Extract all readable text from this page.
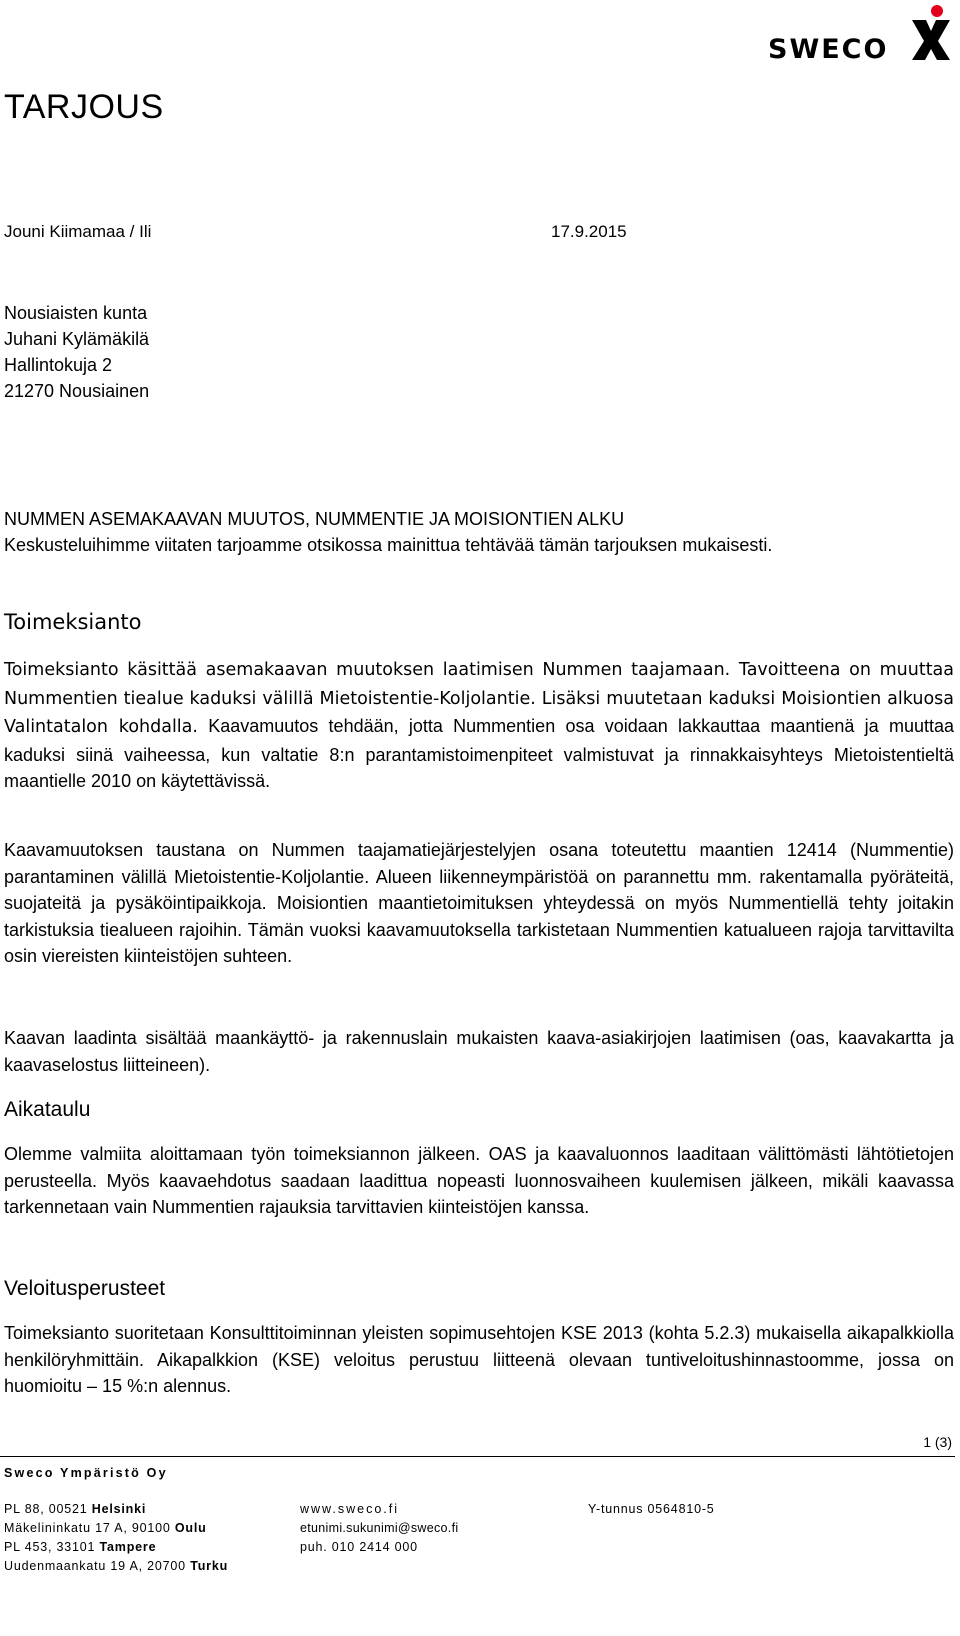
SWECO
TARJOUS
Jouni Kiimamaa / Ili	17.9.2015
Nousiaisten kunta
Juhani Kylämäkilä
Hallintokuja 2
21270 Nousiainen
NUMMEN ASEMAKAAVAN MUUTOS, NUMMENTIE JA MOISIONTIEN ALKU

Keskusteluihimme viitaten tarjoamme otsikossa mainittua tehtävää tämän tarjouksen mukaisesti.

Toimeksianto

Toimeksianto käsittää asemakaavan muutoksen laatimisen Nummen taajamaan. Tavoitteena on muuttaa Nummentien tiealue kaduksi välillä Mietoistentie-Koljolantie. Lisäksi muutetaan kaduksi Moisiontien alkuosa Valintatalon kohdalla. Kaavamuutos tehdään, jotta Nummentien osa voidaan lakkauttaa maantienä ja muuttaa kaduksi siinä vaiheessa, kun valtatie 8:n parantamistoimenpiteet valmistuvat ja rinnakkaisyhteys Mietoistentieltä maantielle 2010 on käytettävissä.

Kaavamuutoksen taustana on Nummen taajamatiejärjestelyjen osana toteutettu maantien 12414 (Nummentie) parantaminen välillä Mietoistentie-Koljolantie. Alueen liikenneympäristöä on parannettu mm. rakentamalla pyöräteitä, suojateitä ja pysäköintipaikkoja. Moisiontien maantietoimituksen yhteydessä on myös Nummentiellä tehty joitakin tarkistuksia tiealueen rajoihin. Tämän vuoksi kaavamuutoksella tarkistetaan Nummentien katualueen rajoja tarvittavilta osin viereisten kiinteistöjen suhteen.

Kaavan laadinta sisältää maankäyttö- ja rakennuslain mukaisten kaava-asiakirjojen laatimisen (oas, kaavakartta ja kaavaselostus liitteineen).

Aikataulu

Olemme valmiita aloittamaan työn toimeksiannon jälkeen. OAS ja kaavaluonnos laaditaan välittömästi lähtötietojen perusteella. Myös kaavaehdotus saadaan laadittua nopeasti luonnosvaiheen kuulemisen jälkeen, mikäli kaavassa tarkennetaan vain Nummentien rajauksia tarvittavien kiinteistöjen kanssa.

Veloitusperusteet

Toimeksianto suoritetaan Konsulttitoiminnan yleisten sopimusehtojen KSE 2013 (kohta 5.2.3) mukaisella aikapalkkiolla henkilöryhmittäin. Aikapalkkion (KSE) veloitus perustuu liitteenä olevaan tuntiveloitushinnastoomme, jossa on huomioitu – 15 %:n alennus.

1 (3)
Sweco Ympäristö Oy
PL 88, 00521 Helsinki
Mäkelininkatu 17 A, 90100 Oulu
PL 453, 33101 Tampere
Uudenmaankatu 19 A, 20700 Turku
www.sweco.fi
etunimi.sukunimi@sweco.fi
puh. 010 2414 000
Y-tunnus 0564810-5
